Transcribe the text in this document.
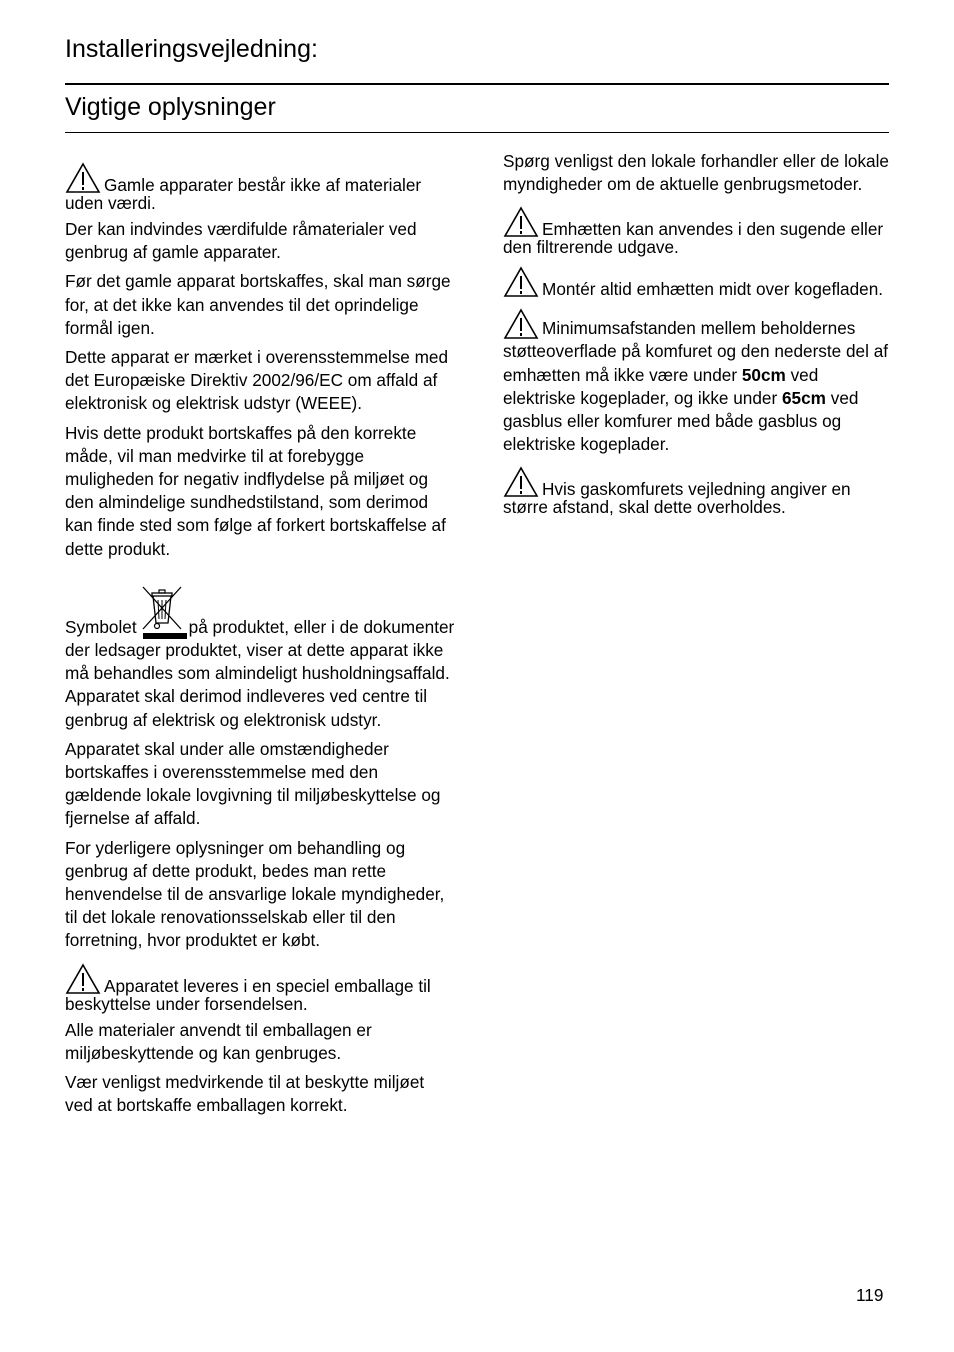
Installeringsvejledning:
Vigtige oplysninger

Gamle apparater består ikke af materialer uden værdi.

Der kan indvindes værdifulde råmaterialer ved genbrug af gamle apparater.

Før det gamle apparat bortskaffes, skal man sørge for, at det ikke kan anvendes til det oprindelige formål igen.

Dette apparat er mærket i overensstemmelse med det Europæiske Direktiv 2002/96/EC om affald af elektronisk og elektrisk udstyr (WEEE).

Hvis dette produkt bortskaffes på den korrekte måde, vil man medvirke til at forebygge muligheden for negativ indflydelse på miljøet og den almindelige sundhedstilstand, som derimod kan finde sted som følge af forkert bortskaffelse af dette produkt.

Symbolet	på produktet, eller i de dokumenter der ledsager produktet, viser at dette apparat ikke må behandles som almindeligt husholdningsaffald. Apparatet skal derimod indleveres ved centre til genbrug af elektrisk og elektronisk udstyr.

Apparatet skal under alle omstændigheder bortskaffes i overensstemmelse med den gældende lokale lovgivning til miljøbeskyttelse og fjernelse af affald.

For yderligere oplysninger om behandling og genbrug af dette produkt, bedes man rette henvendelse til de ansvarlige lokale myndigheder, til det lokale renovationsselskab eller til den forretning, hvor produktet er købt.

Apparatet leveres i en speciel emballage til beskyttelse under forsendelsen.

Alle materialer anvendt til emballagen er miljøbeskyttende og kan genbruges.

Vær venligst medvirkende til at beskytte miljøet ved at bortskaffe emballagen korrekt.

Spørg venligst den lokale forhandler eller de lokale myndigheder om de aktuelle genbrugsmetoder.

Emhætten kan anvendes i den sugende eller den filtrerende udgave.

Montér altid emhætten midt over kogefladen.

Minimumsafstanden mellem beholdernes støtteoverflade på komfuret og den nederste del af emhætten må ikke være under 50cm ved elektriske kogeplader, og ikke under 65cm ved gasblus eller komfurer med både gasblus og elektriske kogeplader.

Hvis gaskomfurets vejledning angiver en større afstand, skal dette overholdes.

119
